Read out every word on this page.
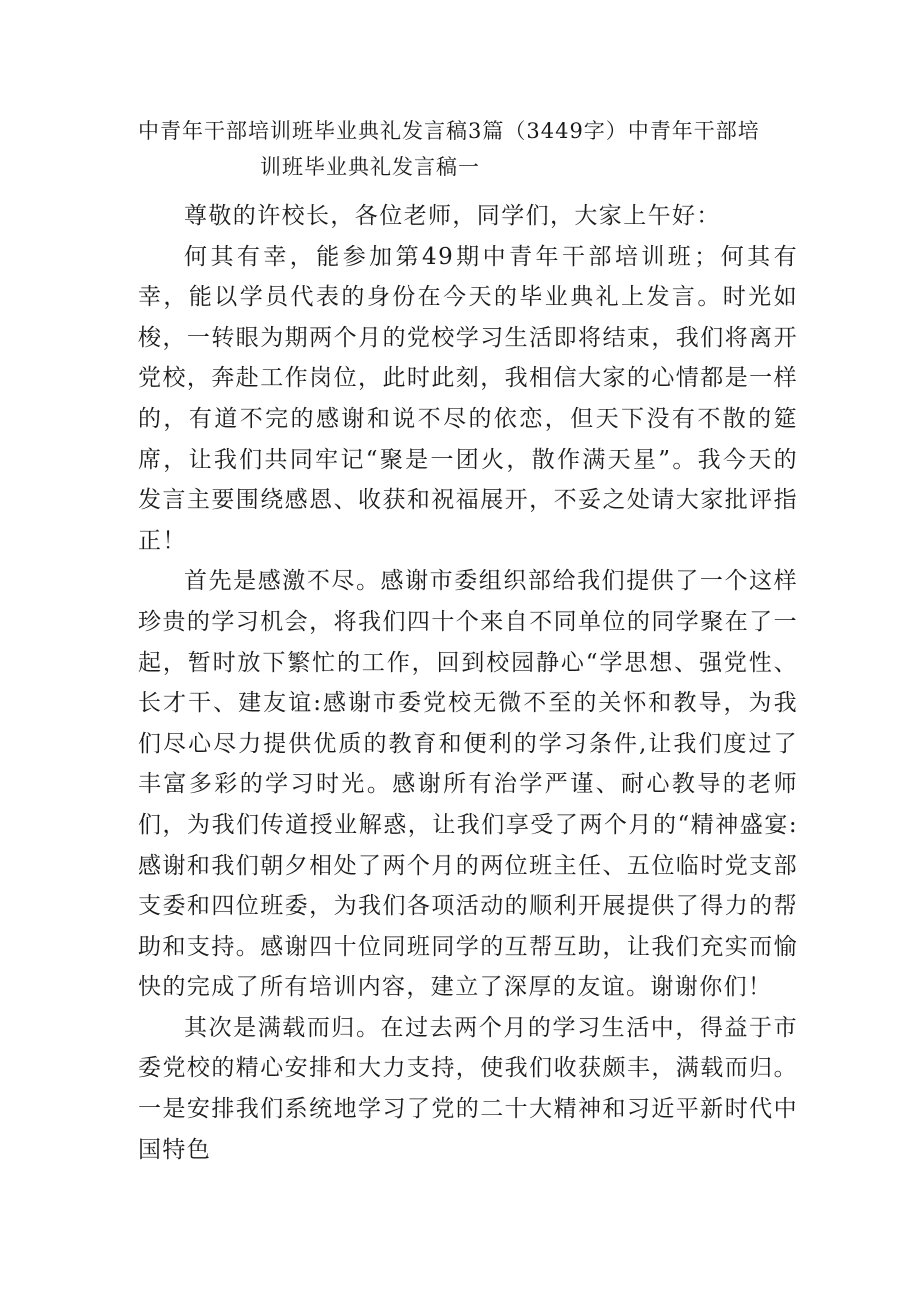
中青年干部培训班毕业典礼发言稿3篇（3449字）中青年干部培
训班毕业典礼发言稿一

尊敬的许校长，各位老师，同学们，大家上午好：

何其有幸，能参加第49期中青年干部培训班；何其有幸，能以学员代表的身份在今天的毕业典礼上发言。时光如梭，一转眼为期两个月的党校学习生活即将结束，我们将离开党校，奔赴工作岗位，此时此刻，我相信大家的心情都是一样的，有道不完的感谢和说不尽的依恋，但天下没有不散的筵席，让我们共同牢记“聚是一团火，散作满天星”。我今天的发言主要围绕感恩、收获和祝福展开，不妥之处请大家批评指正！

首先是感激不尽。感谢市委组织部给我们提供了一个这样珍贵的学习机会，将我们四十个来自不同单位的同学聚在了一起，暂时放下繁忙的工作，回到校园静心“学思想、强党性、长才干、建友谊:感谢市委党校无微不至的关怀和教导，为我们尽心尽力提供优质的教育和便利的学习条件,让我们度过了丰富多彩的学习时光。感谢所有治学严谨、耐心教导的老师们，为我们传道授业解惑，让我们享受了两个月的“精神盛宴:感谢和我们朝夕相处了两个月的两位班主任、五位临时党支部支委和四位班委，为我们各项活动的顺利开展提供了得力的帮助和支持。感谢四十位同班同学的互帮互助，让我们充实而愉快的完成了所有培训内容，建立了深厚的友谊。谢谢你们！

其次是满载而归。在过去两个月的学习生活中，得益于市委党校的精心安排和大力支持，使我们收获颇丰，满载而归。一是安排我们系统地学习了党的二十大精神和习近平新时代中国特色
